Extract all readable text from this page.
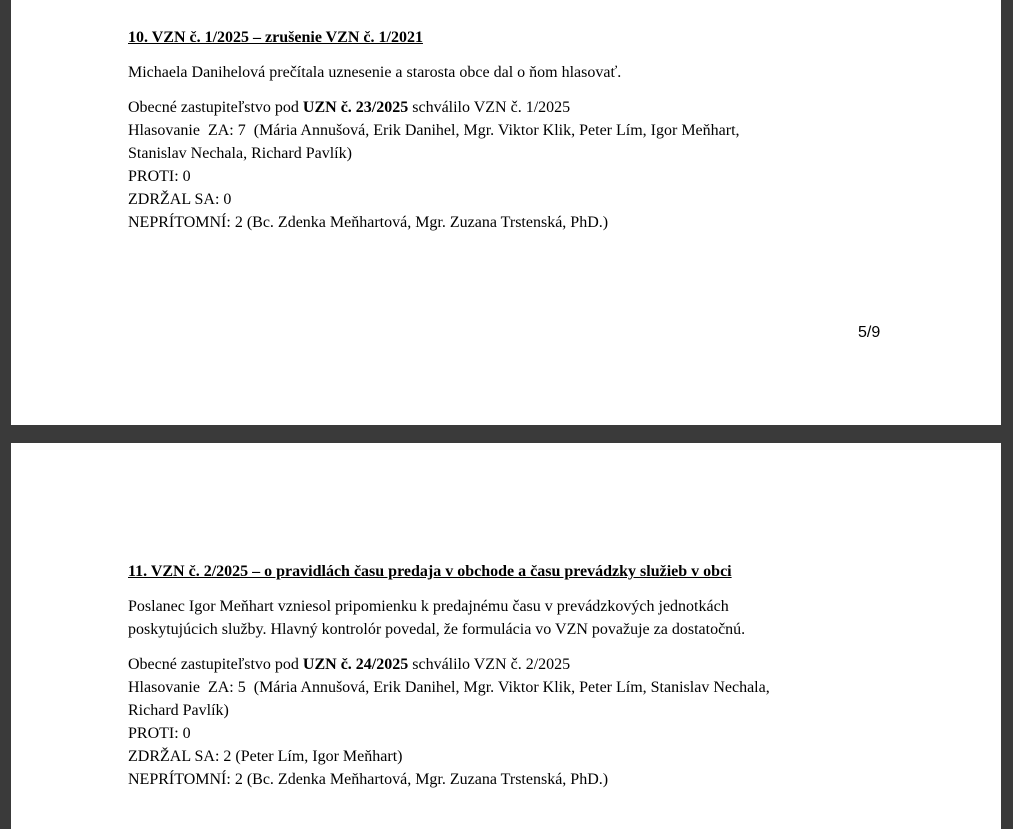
10. VZN č. 1/2025 – zrušenie VZN č. 1/2021
Michaela Danihelová prečítala uznesenie a starosta obce dal o ňom hlasovať.
Obecné zastupiteľstvo pod UZN č. 23/2025 schválilo VZN č. 1/2025
Hlasovanie  ZA: 7  (Mária Annušová, Erik Danihel, Mgr. Viktor Klik, Peter Lím, Igor Meňhart,
Stanislav Nechala, Richard Pavlík)
PROTI: 0
ZDRŽAL SA: 0
NEPRÍTOMNÍ: 2 (Bc. Zdenka Meňhartová, Mgr. Zuzana Trstenská, PhD.)
5/9
11. VZN č. 2/2025 – o pravidlách času predaja v obchode a času prevádzky služieb v obci
Poslanec Igor Meňhart vzniesol pripomienku k predajnému času v prevádzkových jednotkách
poskytujúcich služby. Hlavný kontrolór povedal, že formulácia vo VZN považuje za dostatočnú.
Obecné zastupiteľstvo pod UZN č. 24/2025 schválilo VZN č. 2/2025
Hlasovanie  ZA: 5  (Mária Annušová, Erik Danihel, Mgr. Viktor Klik, Peter Lím, Stanislav Nechala,
Richard Pavlík)
PROTI: 0
ZDRŽAL SA: 2 (Peter Lím, Igor Meňhart)
NEPRÍTOMNÍ: 2 (Bc. Zdenka Meňhartová, Mgr. Zuzana Trstenská, PhD.)
